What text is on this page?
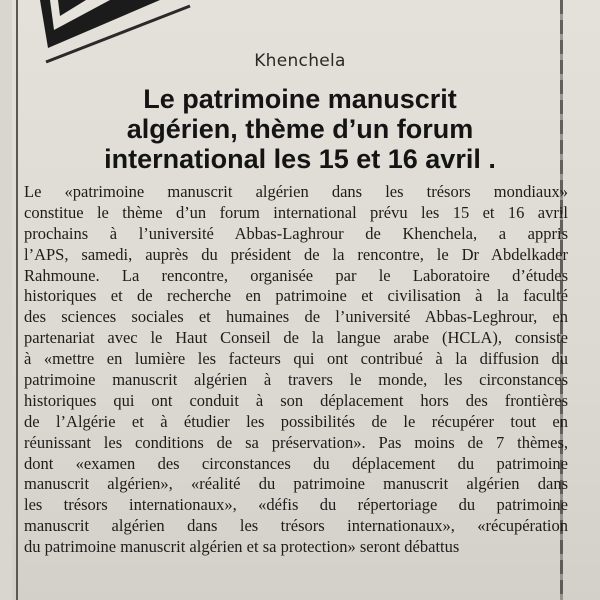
Khenchela
Le patrimoine manuscrit
algérien, thème d’un forum
international les 15 et 16 avril .
Le «patrimoine manuscrit algérien dans les trésors mondiaux»
constitue le thème d’un forum international prévu les 15 et 16 avril
prochains à l’université Abbas-Laghrour de Khenchela, a appris
l’APS, samedi, auprès du président de la rencontre, le Dr Abdelkader
Rahmoune. La rencontre, organisée par le Laboratoire d’études
historiques et de recherche en patrimoine et civilisation à la faculté
des sciences sociales et humaines de l’université Abbas-Leghrour, en
partenariat avec le Haut Conseil de la langue arabe (HCLA), consiste
à «mettre en lumière les facteurs qui ont contribué à la diffusion du
patrimoine manuscrit algérien à travers le monde, les circonstances
historiques qui ont conduit à son déplacement hors des frontières
de l’Algérie et à étudier les possibilités de le récupérer tout en
réunissant les conditions de sa préservation». Pas moins de 7 thèmes,
dont «examen des circonstances du déplacement du patrimoine
manuscrit algérien», «réalité du patrimoine manuscrit algérien dans
les trésors internationaux», «défis du répertoriage du patrimoine
manuscrit algérien dans les trésors internationaux», «récupération
du patrimoine manuscrit algérien et sa protection» seront débattus
